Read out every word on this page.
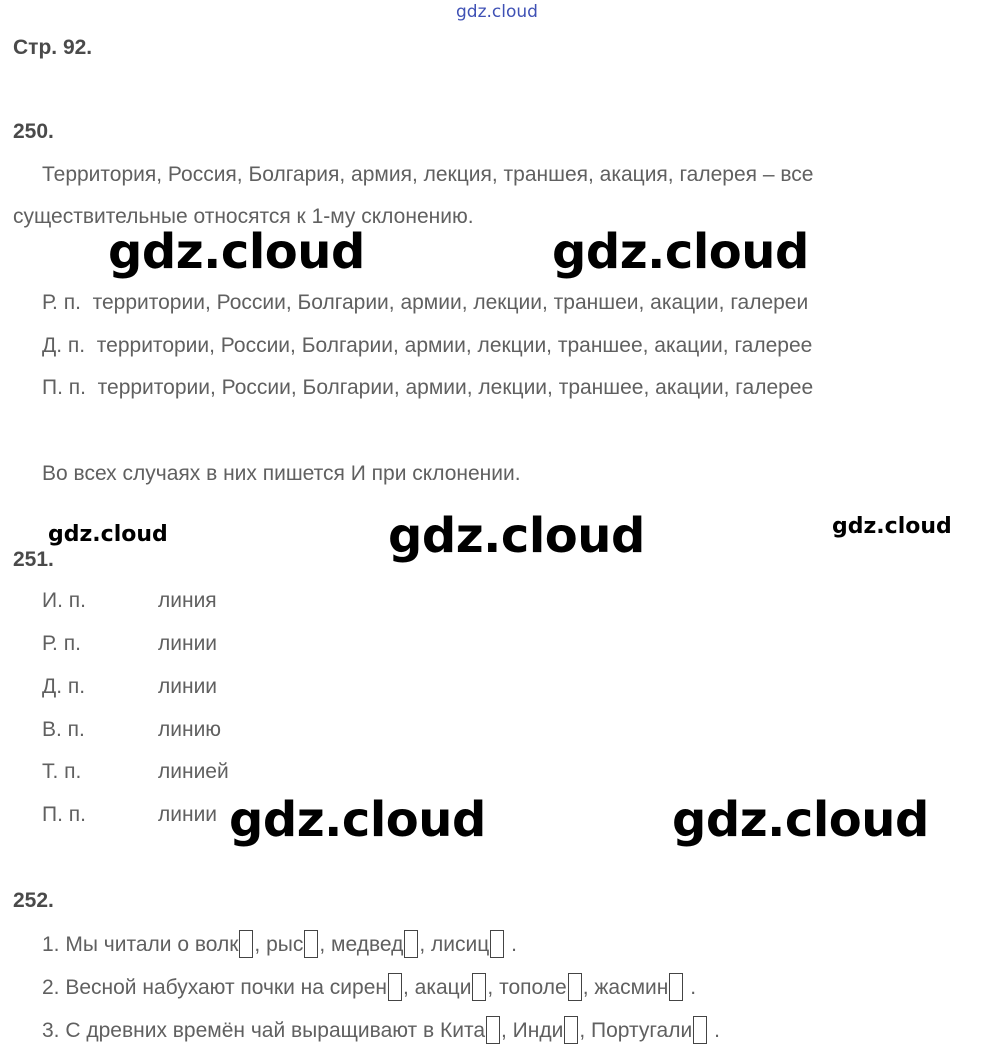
gdz.cloud
Стр. 92.
250.
Территория, Россия, Болгария, армия, лекция, траншея, акация, галерея – все
существительные относятся к 1-му склонению.
gdz.cloud	gdz.cloud
Р. п. территории, России, Болгарии, армии, лекции, траншеи, акации, галереи
Д. п. территории, России, Болгарии, армии, лекции, траншее, акации, галерее
П. п. территории, России, Болгарии, армии, лекции, траншее, акации, галерее
Во всех случаях в них пишется И при склонении.
gdz.cloud	gdz.cloud	gdz.cloud
251.
И. п.	линия
Р. п.	линии
Д. п.	линии
В. п.	линию
Т. п.	линией
П. п.	линии gdz.cloud	gdz.cloud
252.
1. Мы читали о волк , рыс , медвед , лисиц .
2. Весной набухают почки на сирен , акаци , тополе , жасмин .
3. С древних времён чай выращивают в Кита , Инди , Португали .
